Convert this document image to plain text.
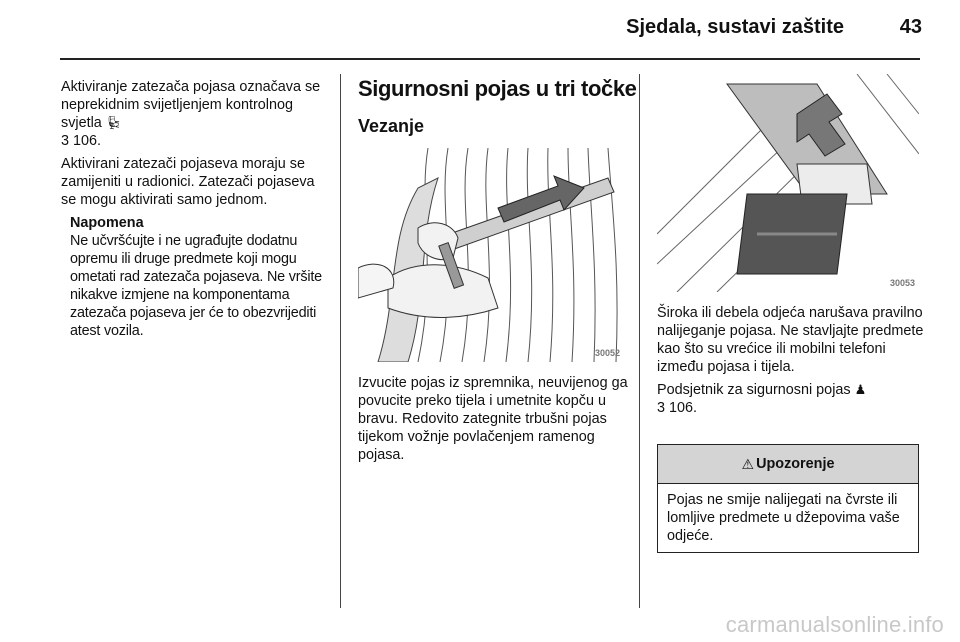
Sjedala, sustavi zaštite	43

Aktiviranje zatezača pojasa označava se neprekidnim svijetljenjem kontrolnog svjetla 💺︎
3 106.

Aktivirani zatezači pojaseva moraju se zamijeniti u radionici. Zatezači pojaseva se mogu aktivirati samo jednom.

Napomena
Ne učvršćujte i ne ugrađujte dodatnu opremu ili druge predmete koji mogu ometati rad zatezača pojaseva. Ne vršite nikakve izmjene na komponentama zatezača pojaseva jer će to obezvrijediti atest vozila.
Sigurnosni pojas u tri točke
Vezanje
30052
Izvucite pojas iz spremnika, neuvijenog ga povucite preko tijela i umetnite kopču u bravu. Redovito zategnite trbušni pojas tijekom vožnje povlačenjem ramenog pojasa.
30053

Široka ili debela odjeća narušava pravilno nalijeganje pojasa. Ne stavljajte predmete kao što su vrećice ili mobilni telefoni između pojasa i tijela.

Podsjetnik za sigurnosni pojas ♟︎
3 106.

⚠ Upozorenje
Pojas ne smije nalijegati na čvrste ili lomljive predmete u džepovima vaše odjeće.
carmanualsonline.info
